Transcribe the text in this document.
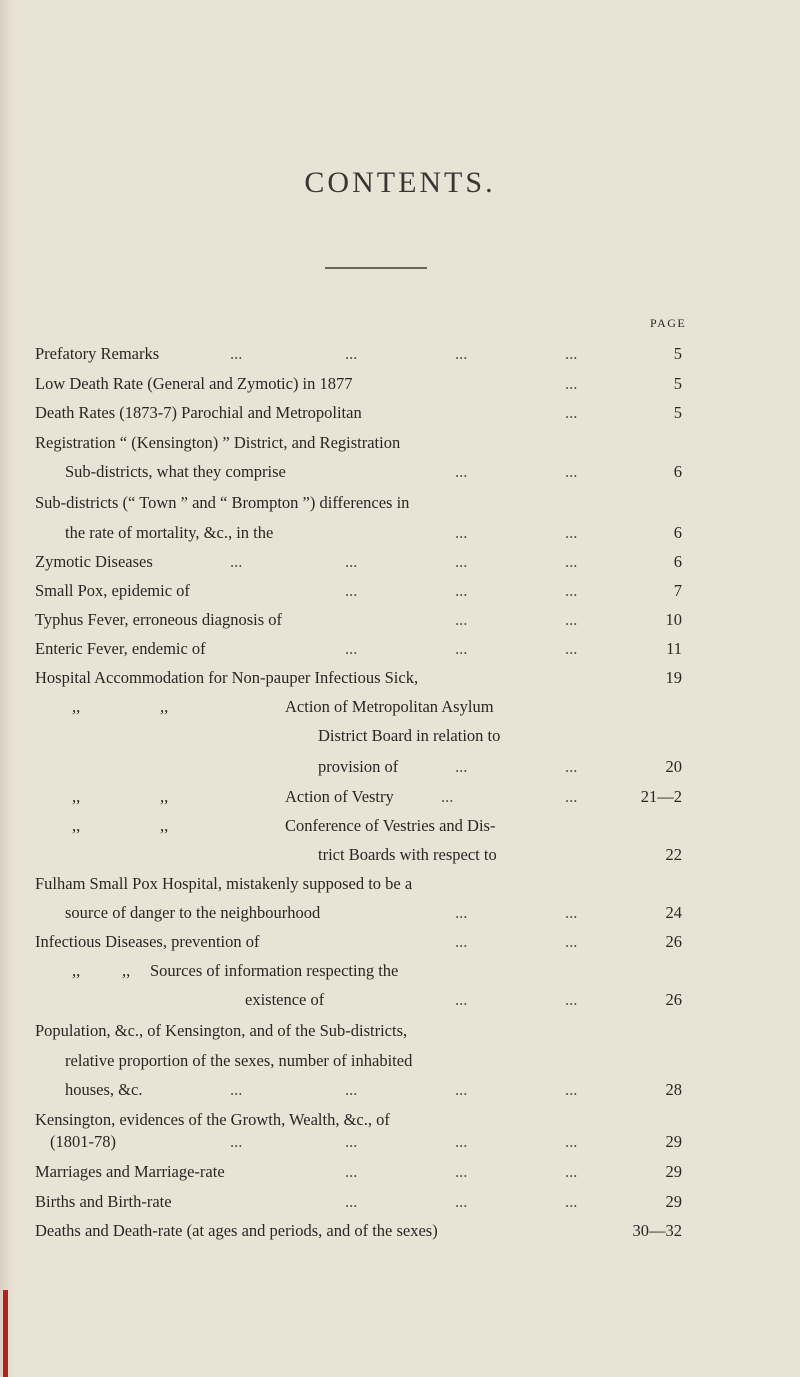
CONTENTS.
PAGE
Prefatory Remarks	...	...	...	...	5
Low Death Rate (General and Zymotic) in 1877	...	5
Death Rates (1873-7) Parochial and Metropolitan	...	5
Registration “ (Kensington) ” District, and Registration
Sub-districts, what they comprise	...	...	6
Sub-districts (“ Town ” and “ Brompton ”) differences in
the rate of mortality, &c., in the	...	...	6
Zymotic Diseases	...	...	...	...	6
Small Pox, epidemic of	...	...	...	7
Typhus Fever, erroneous diagnosis of	...	...	10
Enteric Fever, endemic of	...	...	...	11
Hospital Accommodation for Non-pauper Infectious Sick,	19
,,	,,	Action of Metropolitan Asylum
District Board in relation to
provision of	...	...	20
,,	,,	Action of Vestry	...	...	21—2
,,	,,	Conference of Vestries and Dis-
trict Boards with respect to	22
Fulham Small Pox Hospital, mistakenly supposed to be a
source of danger to the neighbourhood	...	...	24
Infectious Diseases, prevention of	...	...	26
,,	,, Sources of information respecting the
existence of	...	...	26
Population, &c., of Kensington, and of the Sub-districts,
relative proportion of the sexes, number of inhabited
houses, &c.	...	...	...	...	28
Kensington, evidences of the Growth, Wealth, &c., of
(1801-78)	...	...	...	...	29
Marriages and Marriage-rate	...	...	...	29
Births and Birth-rate	...	...	...	29
Deaths and Death-rate (at ages and periods, and of the sexes)	30—32
